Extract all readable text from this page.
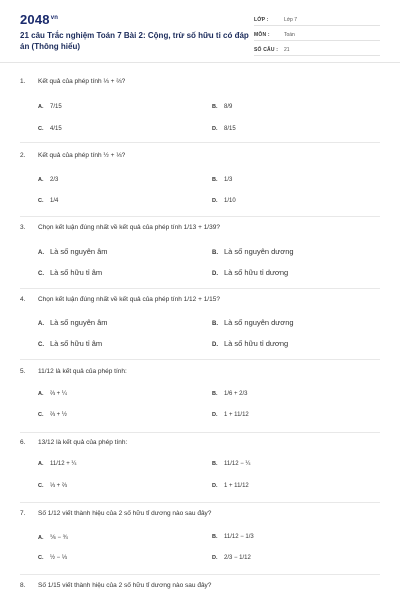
$2048^{vn}$
21 câu Trắc nghiệm Toán 7 Bài 2: Cộng, trừ số hữu tỉ có đáp án (Thông hiểu)
LỚP :	Lớp 7
MÔN :	Toán
SỐ CÂU :	21
1. Kết quả của phép tính ⅓ + ⅔?
A. 7/15	B. 8/9
C. 4/15	D. 8/15
2. Kết quả của phép tính ½ + ⅓?
A. 2/3	B. 1/3
C. 1/4	D. 1/10
3. Chọn kết luận đúng nhất về kết quả của phép tính 1/13 + 1/39?
A. Là số nguyên âm	B. Là số nguyên dương
C. Là số hữu tỉ âm	D. Là số hữu tỉ dương
4. Chọn kết luận đúng nhất về kết quả của phép tính 1/12 + 1/15?
A. Là số nguyên âm	B. Là số nguyên dương
C. Là số hữu tỉ âm	D. Là số hữu tỉ dương
5. 11/12 là kết quả của phép tính:
A. ⅔ + ¼	B. 1/6 + 2/3
C. ⅔ + ½	D. 1 + 11/12
6. 13/12 là kết quả của phép tính:
A. 11/12 + ¼	B. 11/12 − ¼
C. ⅓ + ⅔	D. 1 + 11/12
7. Số 1/12 viết thành hiệu của 2 số hữu tỉ dương nào sau đây?
A. ⅚ − ¾	B. 11/12 − 1/3
C. ½ − ⅓	D. 2/3 − 1/12
8. Số 1/15 viết thành hiệu của 2 số hữu tỉ dương nào sau đây?
